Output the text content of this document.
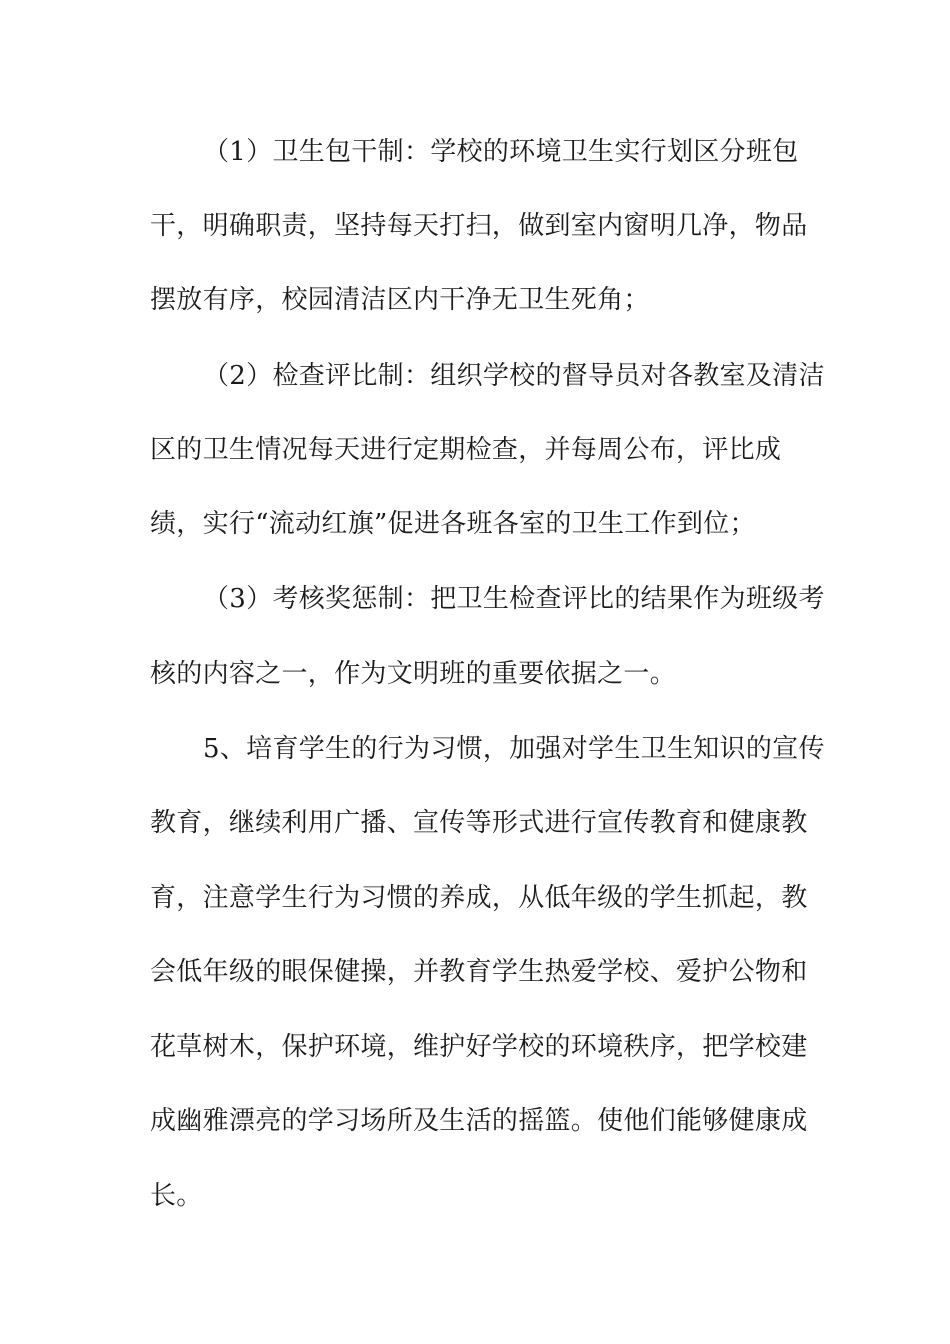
（1）卫生包干制：学校的环境卫生实行划区分班包
干，明确职责，坚持每天打扫，做到室内窗明几净，物品
摆放有序，校园清洁区内干净无卫生死角；
（2）检查评比制：组织学校的督导员对各教室及清洁
区的卫生情况每天进行定期检查，并每周公布，评比成
绩，实行“流动红旗”促进各班各室的卫生工作到位；
（3）考核奖惩制：把卫生检查评比的结果作为班级考
核的内容之一，作为文明班的重要依据之一。
5、培育学生的行为习惯，加强对学生卫生知识的宣传
教育，继续利用广播、宣传等形式进行宣传教育和健康教
育，注意学生行为习惯的养成，从低年级的学生抓起，教
会低年级的眼保健操，并教育学生热爱学校、爱护公物和
花草树木，保护环境，维护好学校的环境秩序，把学校建
成幽雅漂亮的学习场所及生活的摇篮。使他们能够健康成
长。
